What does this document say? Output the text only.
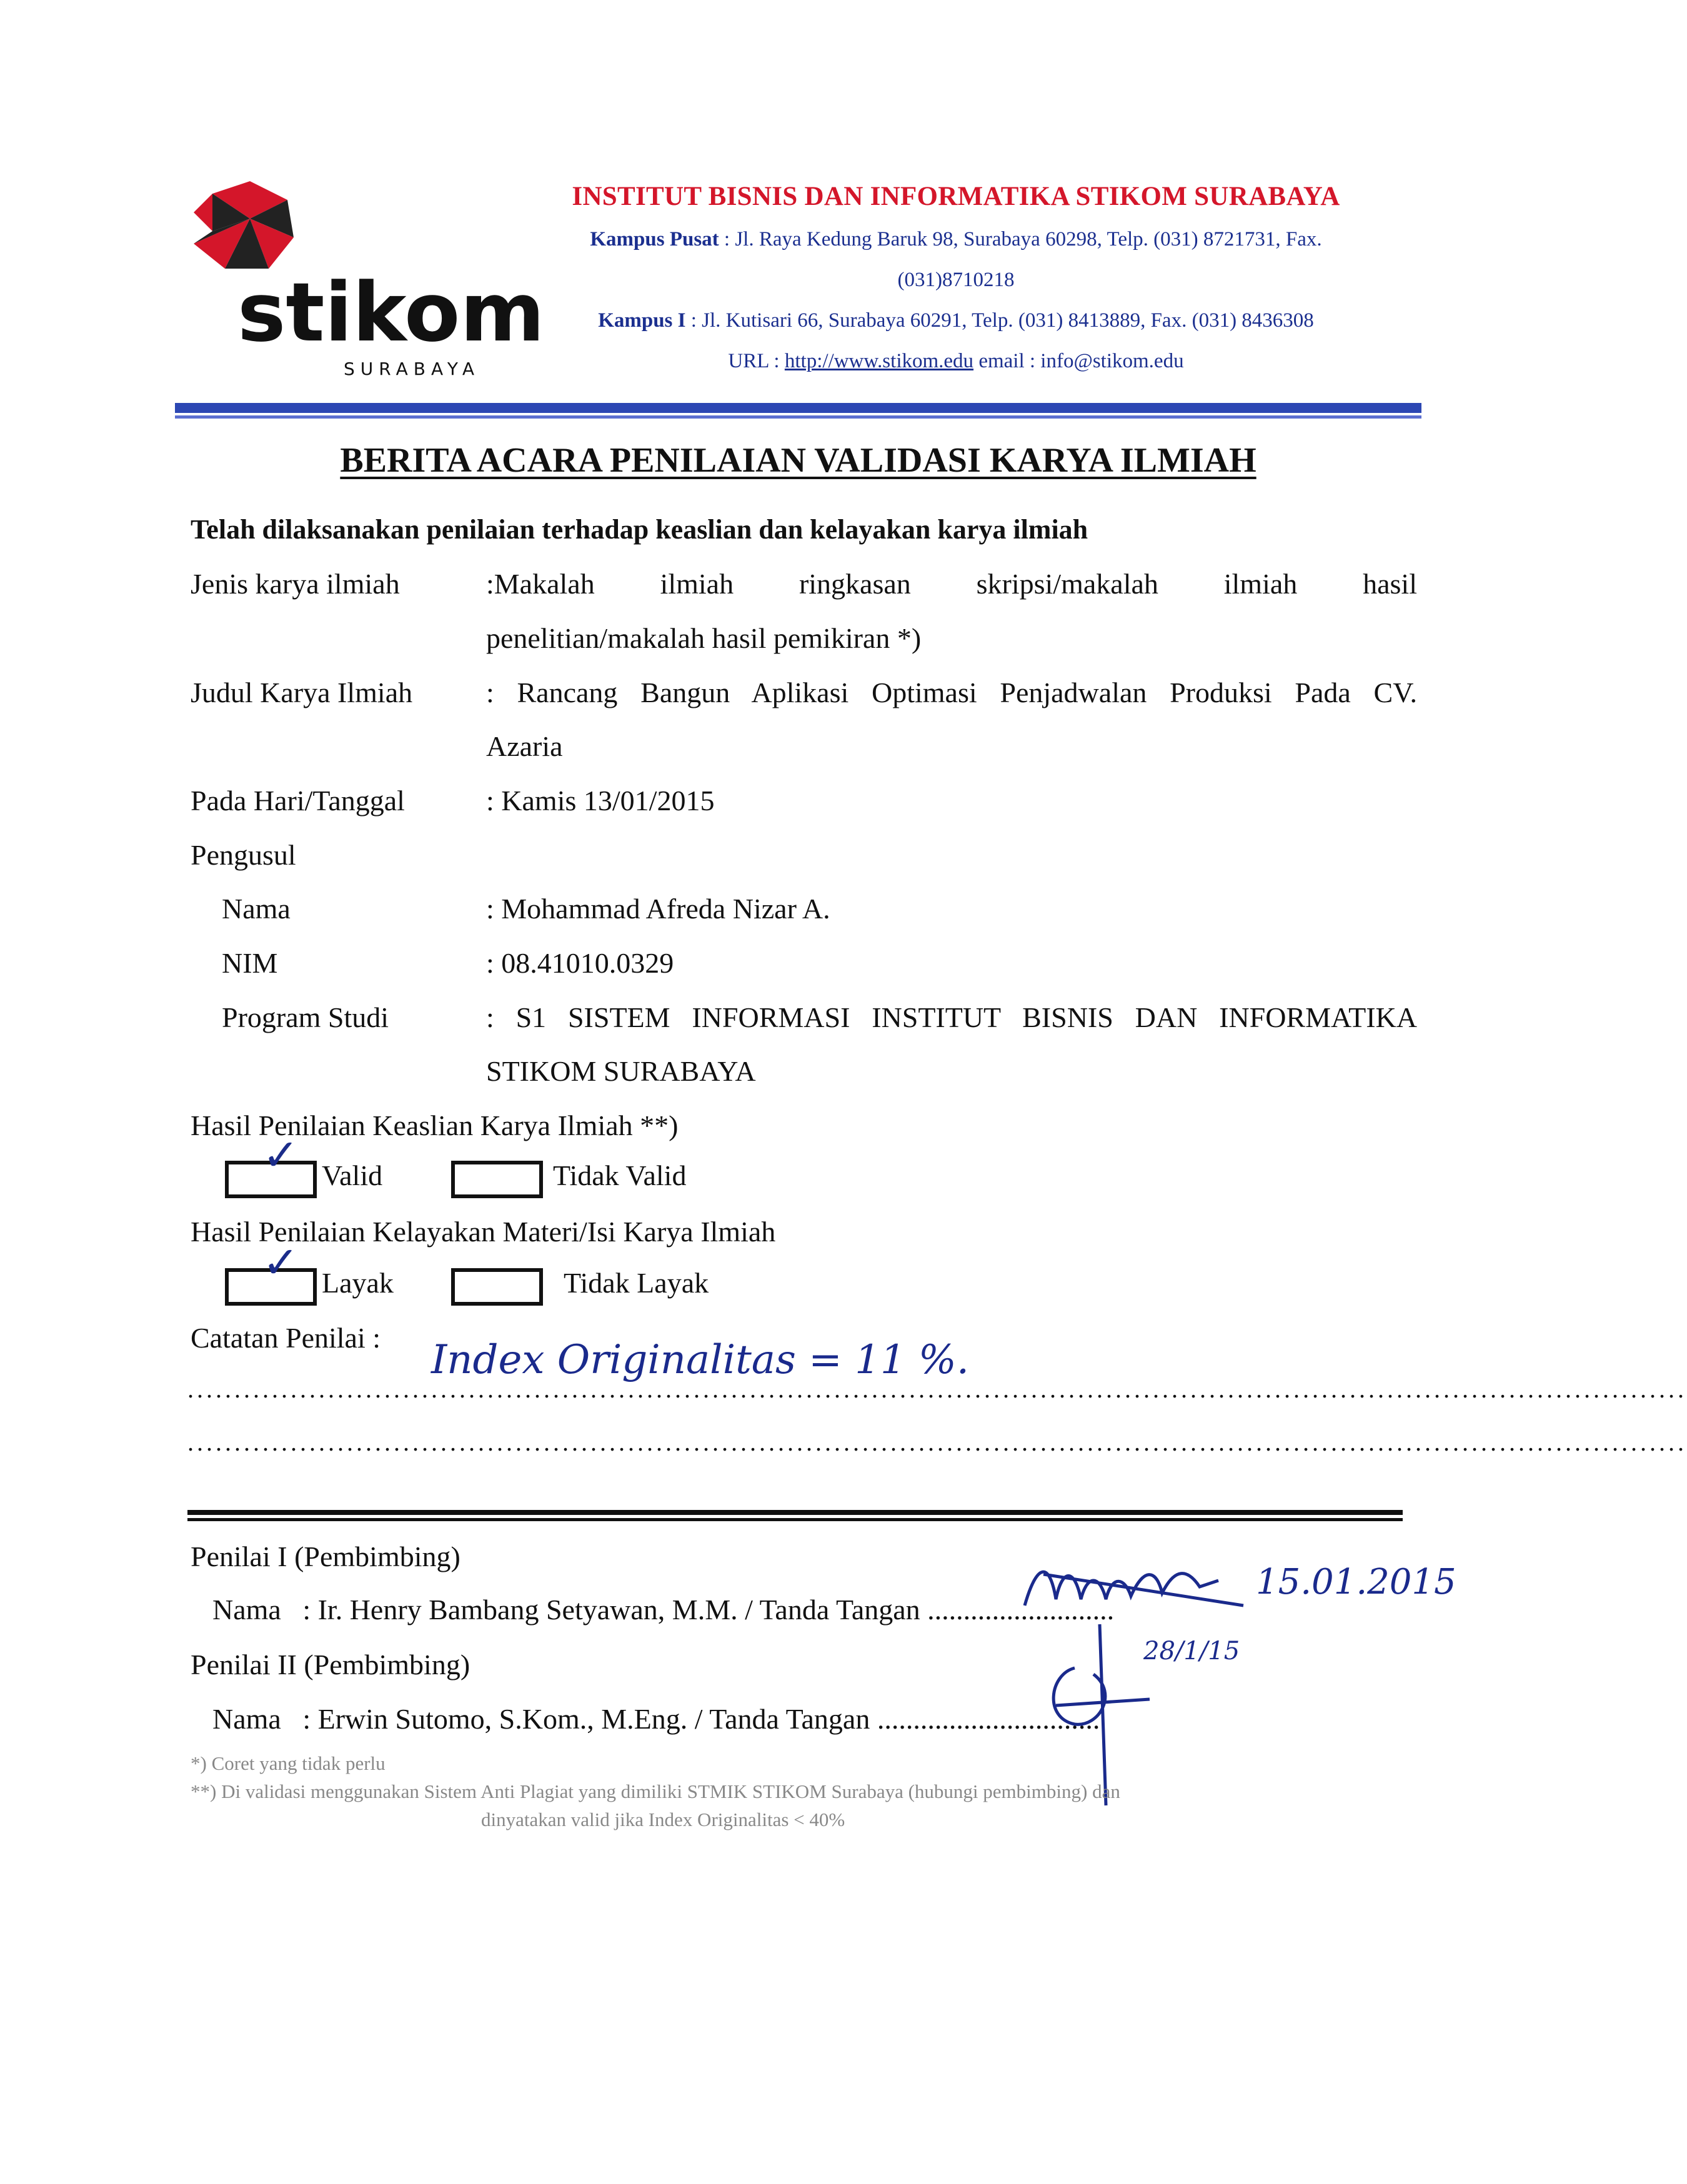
stikom
SURABAYA
INSTITUT BISNIS DAN INFORMATIKA STIKOM SURABAYA
Kampus Pusat : Jl. Raya Kedung Baruk 98, Surabaya 60298, Telp. (031) 8721731, Fax.
(031)8710218
Kampus I : Jl. Kutisari 66, Surabaya 60291, Telp. (031) 8413889, Fax. (031) 8436308
URL : http://www.stikom.edu email : info@stikom.edu
BERITA ACARA PENILAIAN VALIDASI KARYA ILMIAH
Telah dilaksanakan penilaian terhadap keaslian dan kelayakan karya ilmiah
Jenis karya ilmiah	:Makalah ilmiah ringkasan skripsi/makalah ilmiah hasil
penelitian/makalah hasil pemikiran *)
Judul Karya Ilmiah	: Rancang Bangun Aplikasi Optimasi Penjadwalan Produksi Pada CV.
Azaria
Pada Hari/Tanggal	: Kamis 13/01/2015
Pengusul
Nama	: Mohammad Afreda Nizar A.
NIM	: 08.41010.0329
Program Studi	: S1 SISTEM INFORMASI INSTITUT BISNIS DAN INFORMATIKA
STIKOM SURABAYA
Hasil Penilaian Keaslian Karya Ilmiah **)
✓ Valid	Tidak Valid
Hasil Penilaian Kelayakan Materi/Isi Karya Ilmiah
✓ Layak	Tidak Layak
Catatan Penilai : Index Originalitas = 11 %.
................................................................................................................................................................
................................................................................................................................................................
Penilai I (Pembimbing)
Nama   : Ir. Henry Bambang Setyawan, M.M. / Tanda Tangan ..........................
15.01.2015
Penilai II (Pembimbing)
Nama   : Erwin Sutomo, S.Kom., M.Eng. / Tanda Tangan ...............................
28/1/15
*) Coret yang tidak perlu
**) Di validasi menggunakan Sistem Anti Plagiat yang dimiliki STMIK STIKOM Surabaya (hubungi pembimbing) dan
dinyatakan valid jika Index Originalitas < 40%
